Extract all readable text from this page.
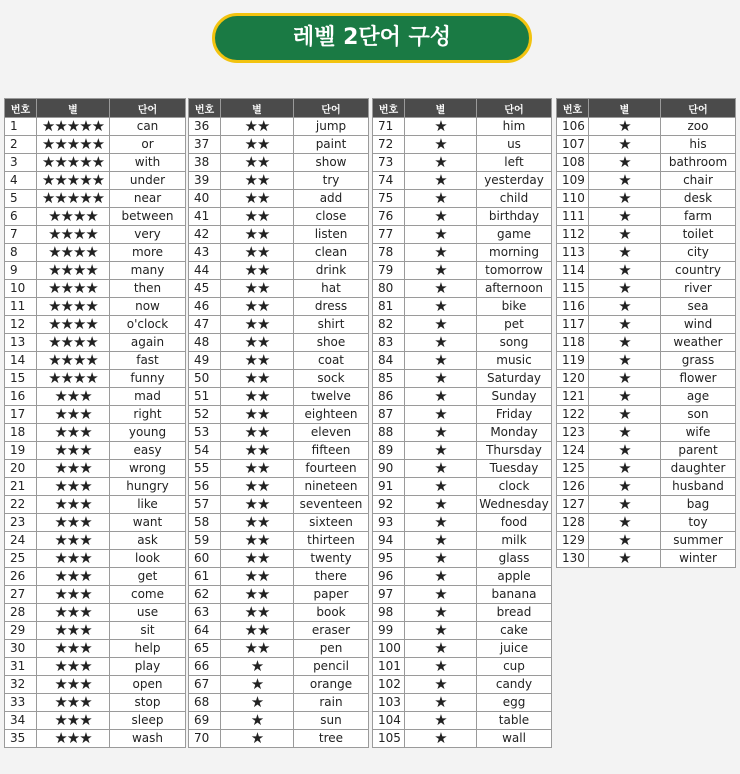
레벨 2단어 구성
번호	별	단어
1	★★★★★	can
2	★★★★★	or
3	★★★★★	with
4	★★★★★	under
5	★★★★★	near
6	★★★★	between
7	★★★★	very
8	★★★★	more
9	★★★★	many
10	★★★★	then
11	★★★★	now
12	★★★★	o'clock
13	★★★★	again
14	★★★★	fast
15	★★★★	funny
16	★★★	mad
17	★★★	right
18	★★★	young
19	★★★	easy
20	★★★	wrong
21	★★★	hungry
22	★★★	like
23	★★★	want
24	★★★	ask
25	★★★	look
26	★★★	get
27	★★★	come
28	★★★	use
29	★★★	sit
30	★★★	help
31	★★★	play
32	★★★	open
33	★★★	stop
34	★★★	sleep
35	★★★	wash
번호	별	단어
36	★★	jump
37	★★	paint
38	★★	show
39	★★	try
40	★★	add
41	★★	close
42	★★	listen
43	★★	clean
44	★★	drink
45	★★	hat
46	★★	dress
47	★★	shirt
48	★★	shoe
49	★★	coat
50	★★	sock
51	★★	twelve
52	★★	eighteen
53	★★	eleven
54	★★	fifteen
55	★★	fourteen
56	★★	nineteen
57	★★	seventeen
58	★★	sixteen
59	★★	thirteen
60	★★	twenty
61	★★	there
62	★★	paper
63	★★	book
64	★★	eraser
65	★★	pen
66	★	pencil
67	★	orange
68	★	rain
69	★	sun
70	★	tree
번호	별	단어
71	★	him
72	★	us
73	★	left
74	★	yesterday
75	★	child
76	★	birthday
77	★	game
78	★	morning
79	★	tomorrow
80	★	afternoon
81	★	bike
82	★	pet
83	★	song
84	★	music
85	★	Saturday
86	★	Sunday
87	★	Friday
88	★	Monday
89	★	Thursday
90	★	Tuesday
91	★	clock
92	★	Wednesday
93	★	food
94	★	milk
95	★	glass
96	★	apple
97	★	banana
98	★	bread
99	★	cake
100	★	juice
101	★	cup
102	★	candy
103	★	egg
104	★	table
105	★	wall
번호	별	단어
106	★	zoo
107	★	his
108	★	bathroom
109	★	chair
110	★	desk
111	★	farm
112	★	toilet
113	★	city
114	★	country
115	★	river
116	★	sea
117	★	wind
118	★	weather
119	★	grass
120	★	flower
121	★	age
122	★	son
123	★	wife
124	★	parent
125	★	daughter
126	★	husband
127	★	bag
128	★	toy
129	★	summer
130	★	winter
